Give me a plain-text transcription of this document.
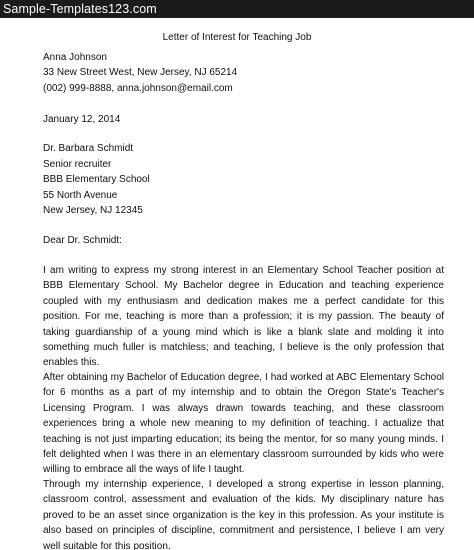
Sample-Templates123.com
Letter of Interest for Teaching Job
Anna Johnson
33 New Street West, New Jersey, NJ 65214
(002) 999-8888, anna.johnson@email.com
January 12, 2014
Dr. Barbara Schmidt
Senior recruiter
BBB Elementary School
55 North Avenue
New Jersey, NJ 12345
Dear Dr. Schmidt:
I am writing to express my strong interest in an Elementary School Teacher position at BBB Elementary School. My Bachelor degree in Education and teaching experience coupled with my enthusiasm and dedication makes me a perfect candidate for this position. For me, teaching is more than a profession; it is my passion. The beauty of taking guardianship of a young mind which is like a blank slate and molding it into something much fuller is matchless; and teaching, I believe is the only profession that enables this.
After obtaining my Bachelor of Education degree, I had worked at ABC Elementary School for 6 months as a part of my internship and to obtain the Oregon State's Teacher's Licensing Program. I was always drawn towards teaching, and these classroom experiences bring a whole new meaning to my definition of teaching. I actualize that teaching is not just imparting education; its being the mentor, for so many young minds. I felt delighted when I was there in an elementary classroom surrounded by kids who were willing to embrace all the ways of life I taught.
Through my internship experience, I developed a strong expertise in lesson planning, classroom control, assessment and evaluation of the kids. My disciplinary nature has proved to be an asset since organization is the key in this profession. As your institute is also based on principles of discipline, commitment and persistence, I believe I am very well suitable for this position.
